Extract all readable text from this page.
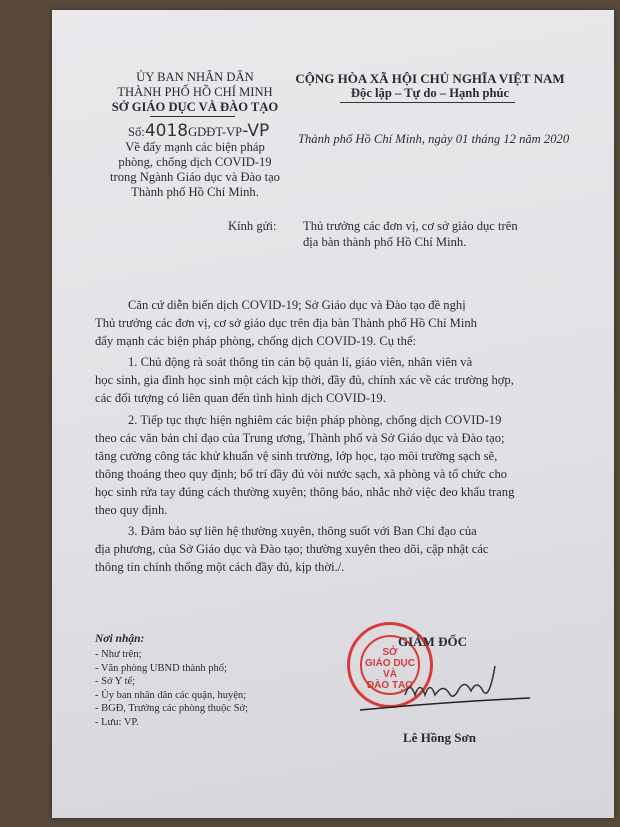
ỦY BAN NHÂN DÂN
THÀNH PHỐ HỒ CHÍ MINH
SỞ GIÁO DỤC VÀ ĐÀO TẠO
Số:4018GDĐT-VP-VP
Về đẩy mạnh các biện pháp
phòng, chống dịch COVID-19
trong Ngành Giáo dục và Đào tạo
Thành phố Hồ Chí Minh.
CỘNG HÒA XÃ HỘI CHỦ NGHĨA VIỆT NAM
Độc lập – Tự do – Hạnh phúc
Thành phố Hồ Chí Minh, ngày 01 tháng 12 năm 2020
Kính gửi: Thủ trưởng các đơn vị, cơ sở giáo dục trên
địa bàn thành phố Hồ Chí Minh.
Căn cứ diễn biến dịch COVID-19; Sở Giáo dục và Đào tạo đề nghị
Thủ trưởng các đơn vị, cơ sở giáo dục trên địa bàn Thành phố Hồ Chí Minh
đẩy mạnh các biện pháp phòng, chống dịch COVID-19. Cụ thể:
1. Chủ động rà soát thông tin cán bộ quản lí, giáo viên, nhân viên và
học sinh, gia đình học sinh một cách kịp thời, đầy đủ, chính xác về các trường hợp,
các đối tượng có liên quan đến tình hình dịch COVID-19.
2. Tiếp tục thực hiện nghiêm các biện pháp phòng, chống dịch COVID-19
theo các văn bản chỉ đạo của Trung ương, Thành phố và Sở Giáo dục và Đào tạo;
tăng cường công tác khử khuẩn vệ sinh trường, lớp học, tạo môi trường sạch sẽ,
thông thoáng theo quy định; bố trí đầy đủ vòi nước sạch, xà phòng và tổ chức cho
học sinh rửa tay đúng cách thường xuyên; thông báo, nhắc nhở việc đeo khẩu trang
theo quy định.
3. Đảm bảo sự liên hệ thường xuyên, thông suốt với Ban Chỉ đạo của
địa phương, của Sở Giáo dục và Đào tạo; thường xuyên theo dõi, cập nhật các
thông tin chính thống một cách đầy đủ, kịp thời./.
Nơi nhận:
- Như trên;
- Văn phòng UBND thành phố;
- Sở Y tế;
- Ủy ban nhân dân các quận, huyện;
- BGĐ, Trưởng các phòng thuộc Sở;
- Lưu: VP.
SỞ
GIÁO DỤC
VÀ
ĐÀO TẠO
GIÁM ĐỐC
Lê Hồng Sơn
